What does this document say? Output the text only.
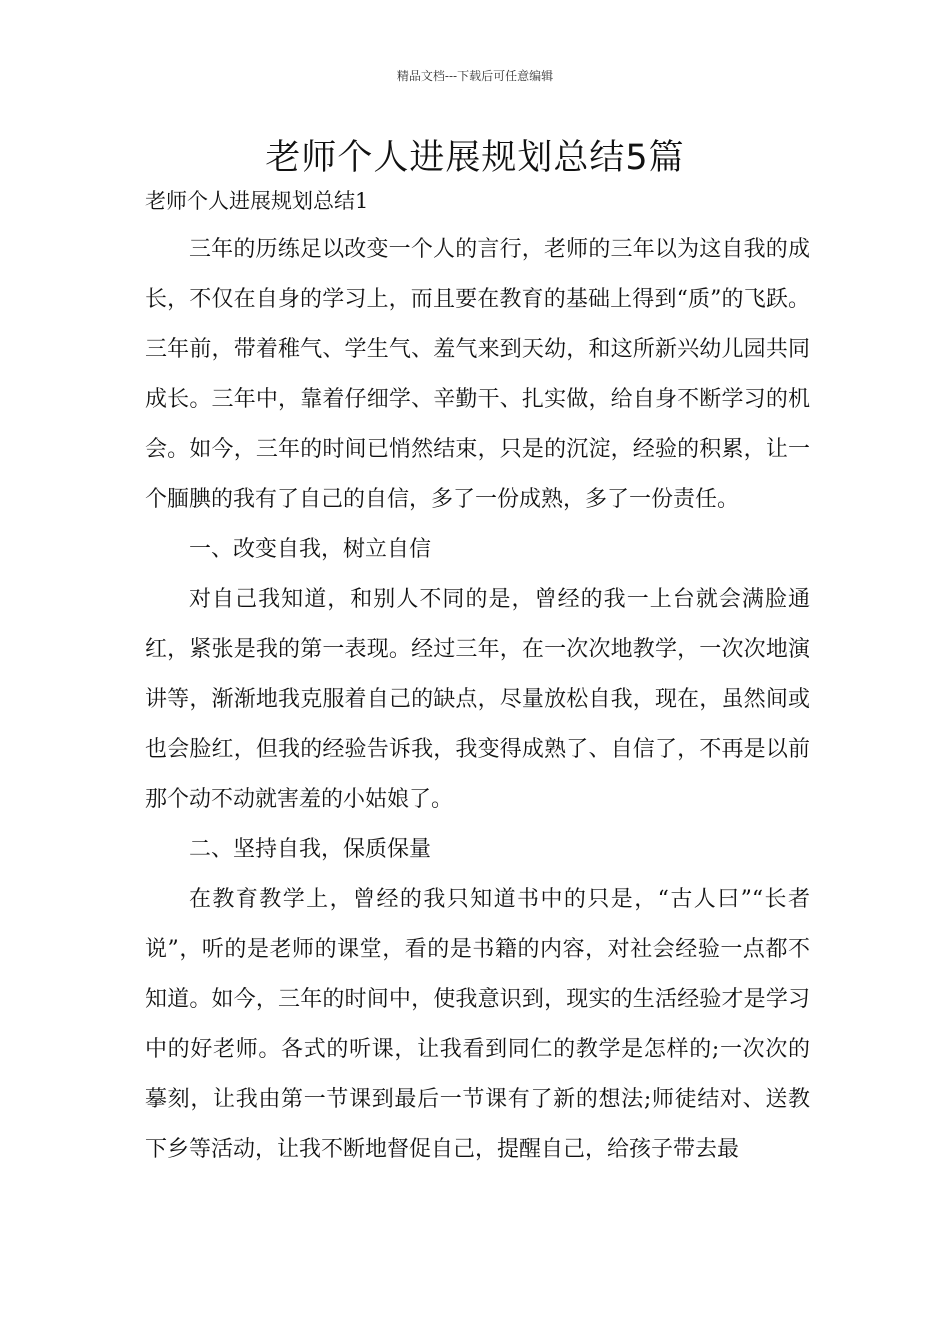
精品文档---下载后可任意编辑
老师个人进展规划总结5篇
老师个人进展规划总结1

三年的历练足以改变一个人的言行，老师的三年以为这自我的成长，不仅在自身的学习上，而且要在教育的基础上得到“质”的飞跃。三年前，带着稚气、学生气、羞气来到天幼，和这所新兴幼儿园共同成长。三年中，靠着仔细学、辛勤干、扎实做，给自身不断学习的机会。如今，三年的时间已悄然结束，只是的沉淀，经验的积累，让一个腼腆的我有了自己的自信，多了一份成熟，多了一份责任。

一、改变自我，树立自信

对自己我知道，和别人不同的是，曾经的我一上台就会满脸通红，紧张是我的第一表现。经过三年，在一次次地教学，一次次地演讲等，渐渐地我克服着自己的缺点，尽量放松自我，现在，虽然间或也会脸红，但我的经验告诉我，我变得成熟了、自信了，不再是以前那个动不动就害羞的小姑娘了。

二、坚持自我，保质保量

在教育教学上，曾经的我只知道书中的只是，“古人曰”“长者说”，听的是老师的课堂，看的是书籍的内容，对社会经验一点都不知道。如今，三年的时间中，使我意识到，现实的生活经验才是学习中的好老师。各式的听课，让我看到同仁的教学是怎样的;一次次的摹刻，让我由第一节课到最后一节课有了新的想法;师徒结对、送教下乡等活动，让我不断地督促自己，提醒自己，给孩子带去最
